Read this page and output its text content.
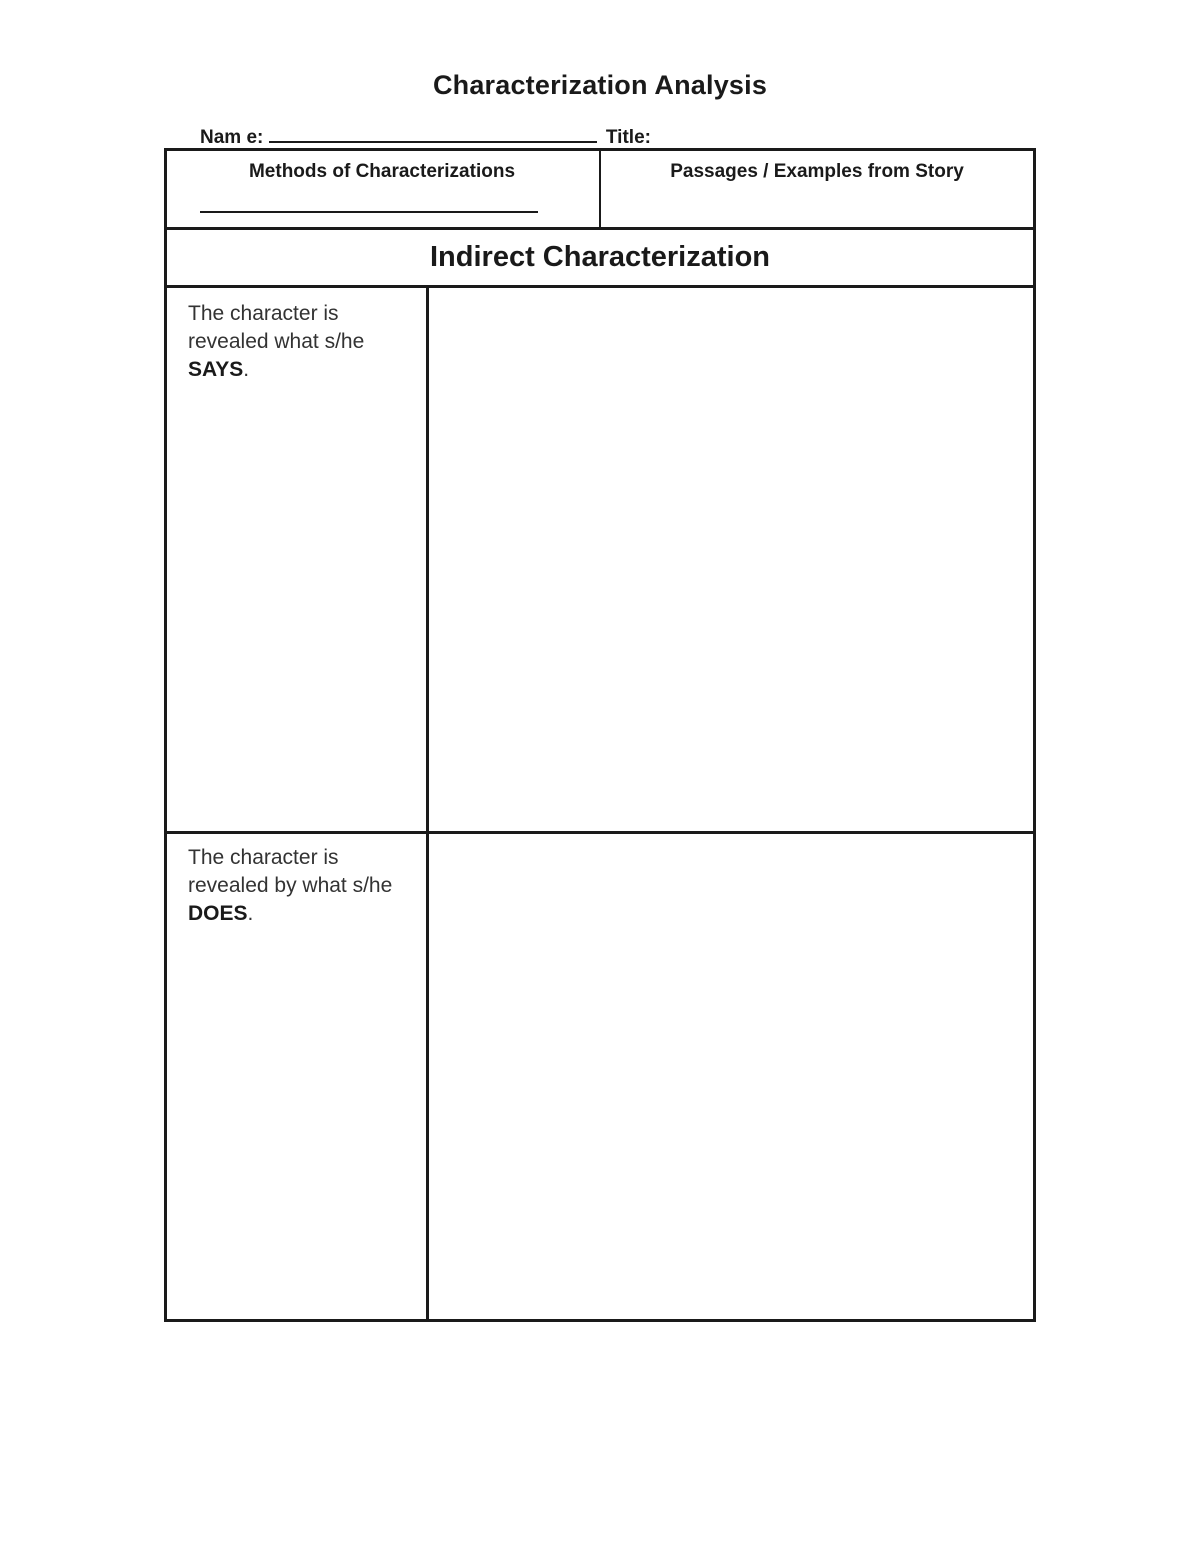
Characterization Analysis
Nam e:	Title:
Methods of Characterizations	Passages / Examples from Story
Indirect Characterization
The character is revealed what s/he SAYS.
The character is revealed by what s/he DOES.
